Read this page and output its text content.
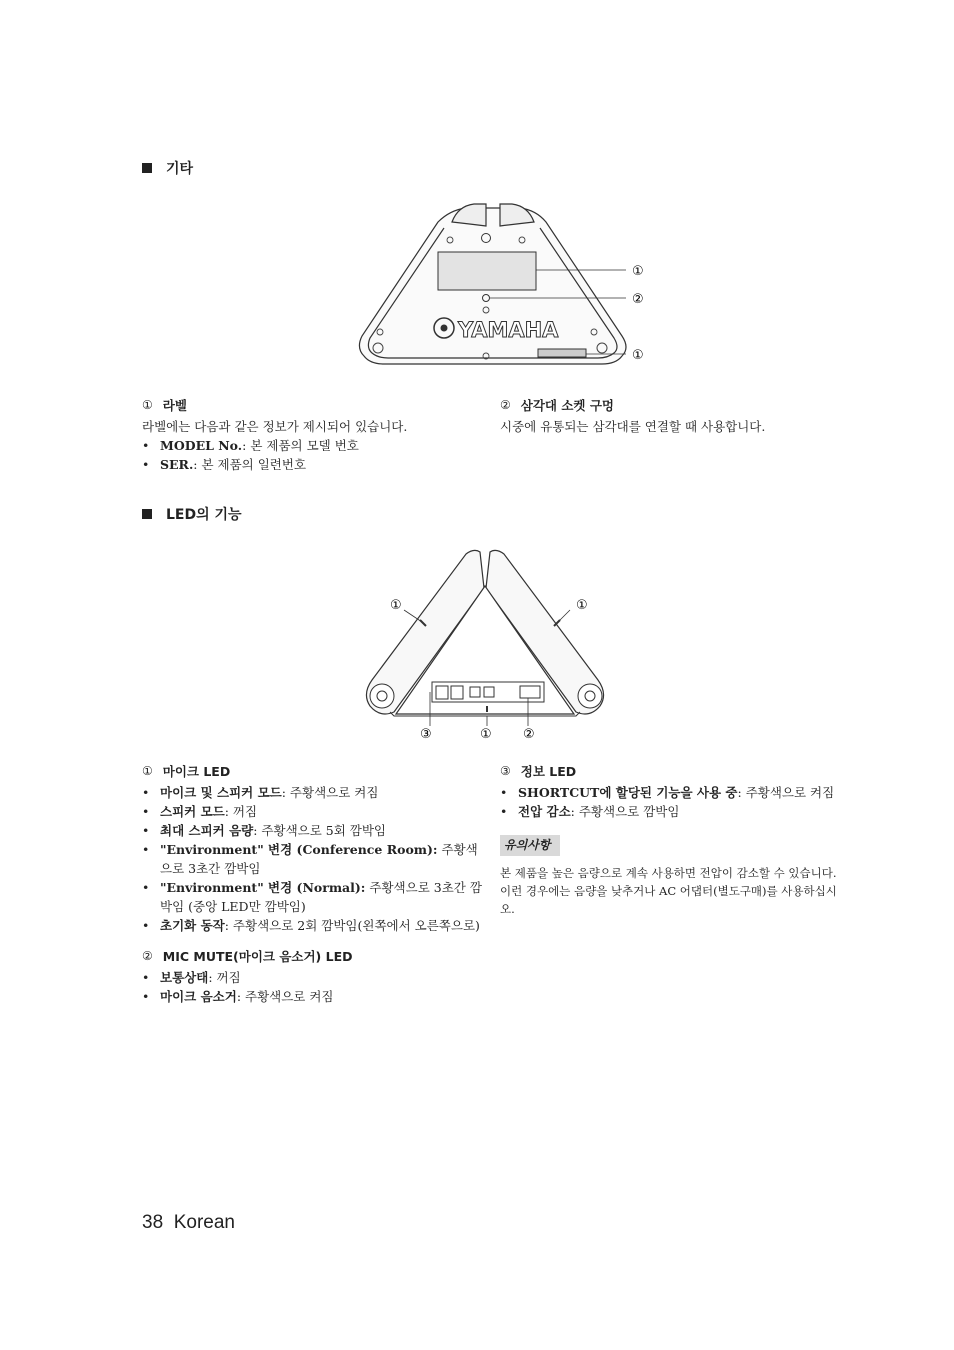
기타
YAMAHA
①
②
①
① 라벨
라벨에는 다음과 같은 정보가 제시되어 있습니다.
• MODEL No.: 본 제품의 모델 번호
• SER.: 본 제품의 일련번호
② 삼각대 소켓 구멍
시중에 유통되는 삼각대를 연결할 때 사용합니다.
LED의 기능
①	①
③	① ②
① 마이크 LED
• 마이크 및 스피커 모드: 주황색으로 켜짐
• 스피커 모드: 꺼짐
• 최대 스피커 음량: 주황색으로 5회 깜박임
• "Environment" 변경 (Conference Room): 주황색으로 3초간 깜박임
• "Environment" 변경 (Normal): 주황색으로 3초간 깜박임 (중앙 LED만 깜박임)
• 초기화 동작: 주황색으로 2회 깜박임(왼쪽에서 오른쪽으로)
② MIC MUTE(마이크 음소거) LED
• 보통상태: 꺼짐
• 마이크 음소거: 주황색으로 켜짐
③ 정보 LED
• SHORTCUT에 할당된 기능을 사용 중: 주황색으로 켜짐
• 전압 감소: 주황색으로 깜박임
유의사항
본 제품을 높은 음량으로 계속 사용하면 전압이 감소할 수 있습니다. 이런 경우에는 음량을 낮추거나 AC 어댑터(별도구매)를 사용하십시오.
38 Korean
